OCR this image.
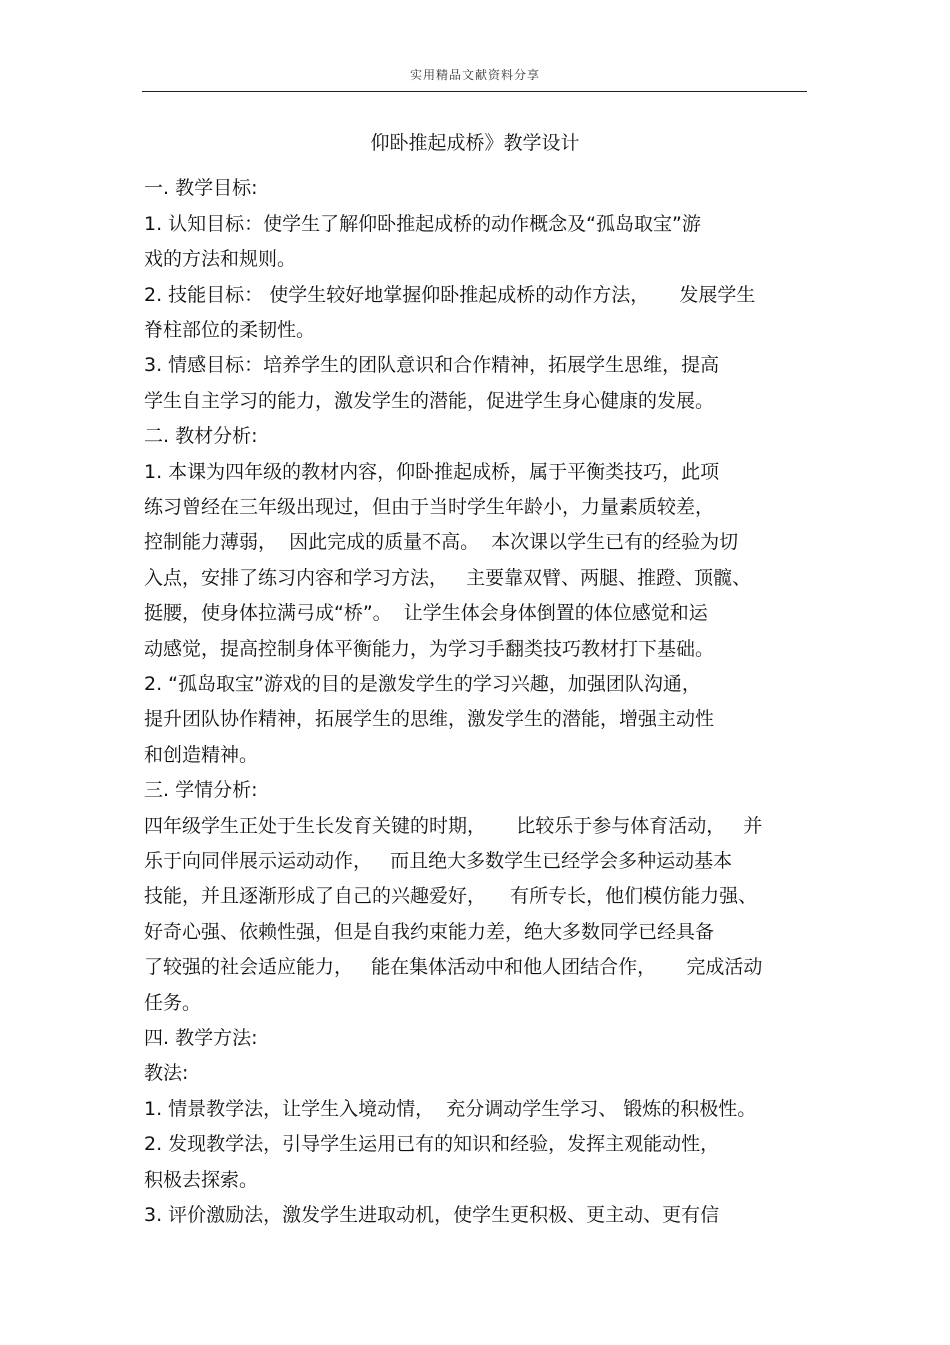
实用精品文献资料分享
仰卧推起成桥》教学设计
一. 教学目标:
1. 认知目标：使学生了解仰卧推起成桥的动作概念及“孤岛取宝”游
戏的方法和规则。
2. 技能目标： 使学生较好地掌握仰卧推起成桥的动作方法，     发展学生
脊柱部位的柔韧性。
3. 情感目标：培养学生的团队意识和合作精神，拓展学生思维，提高
学生自主学习的能力，激发学生的潜能，促进学生身心健康的发展。
二. 教材分析:
1. 本课为四年级的教材内容，仰卧推起成桥，属于平衡类技巧，此项
练习曾经在三年级出现过，但由于当时学生年龄小，力量素质较差，
控制能力薄弱，  因此完成的质量不高。  本次课以学生已有的经验为切
入点，安排了练习内容和学习方法，   主要靠双臂、两腿、推蹬、顶髋、
挺腰，使身体拉满弓成“桥”。  让学生体会身体倒置的体位感觉和运
动感觉，提高控制身体平衡能力，为学习手翻类技巧教材打下基础。
2. “孤岛取宝”游戏的目的是激发学生的学习兴趣，加强团队沟通，
提升团队协作精神，拓展学生的思维，激发学生的潜能，增强主动性
和创造精神。
三. 学情分析:
四年级学生正处于生长发育关键的时期，     比较乐于参与体育活动，   并
乐于向同伴展示运动动作，   而且绝大多数学生已经学会多种运动基本
技能，并且逐渐形成了自己的兴趣爱好，    有所专长，他们模仿能力强、
好奇心强、依赖性强，但是自我约束能力差，绝大多数同学已经具备
了较强的社会适应能力，   能在集体活动中和他人团结合作，     完成活动
任务。
四. 教学方法:
教法:
1. 情景教学法，让学生入境动情，  充分调动学生学习、 锻炼的积极性。
2. 发现教学法，引导学生运用已有的知识和经验，发挥主观能动性，
积极去探索。
3. 评价激励法，激发学生进取动机，使学生更积极、更主动、更有信
